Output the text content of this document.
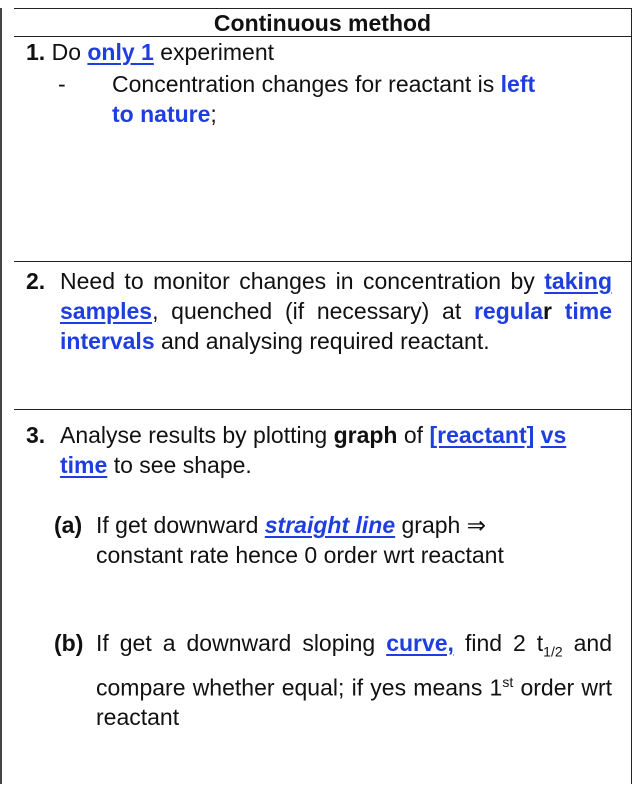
Continuous method

1. Do only 1 experiment

- Concentration changes for reactant is left
to nature;

2. Need to monitor changes in concentration by taking samples, quenched (if necessary) at regular time intervals and analysing required reactant.

3. Analyse results by plotting graph of [reactant] vs time to see shape.

(a) If get downward straight line graph ⇒
constant rate hence 0 order wrt reactant

(b) If get a downward sloping curve, find 2 $t_{1/2}$ and compare whether equal; if yes means 1st order wrt reactant
